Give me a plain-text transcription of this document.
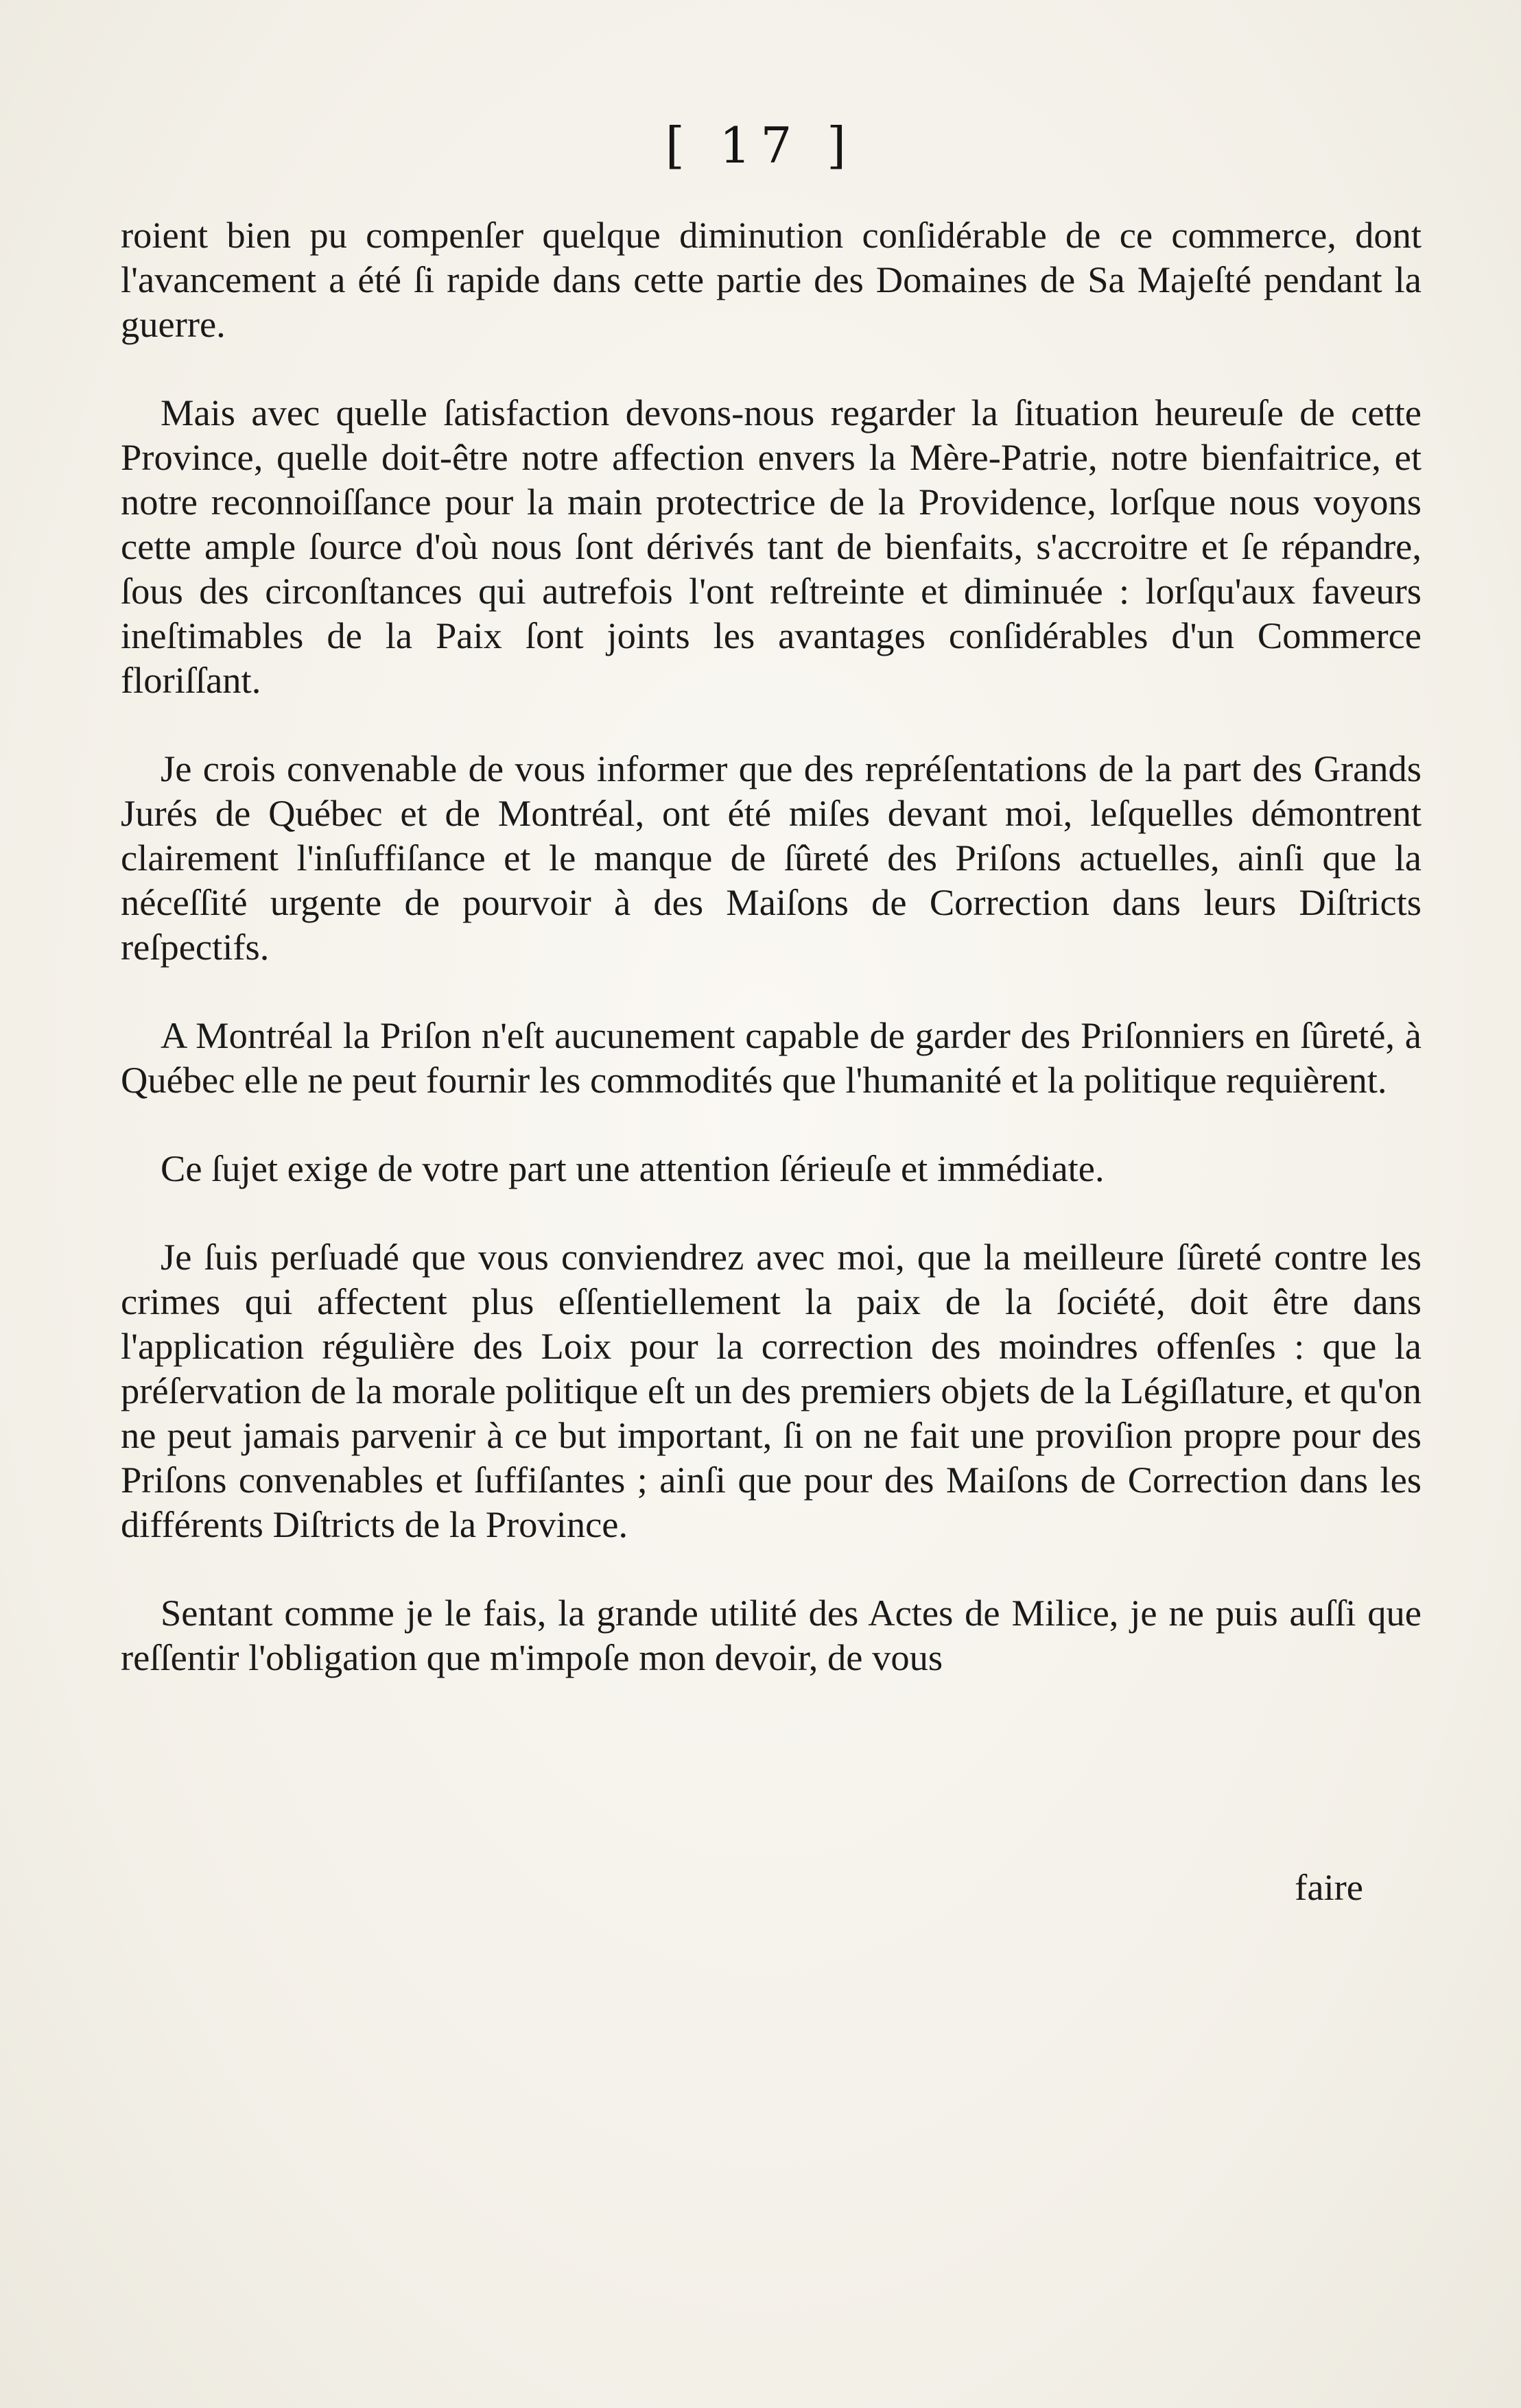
[ 17 ]

roient bien pu compenſer quelque diminution conſidérable de ce commerce, dont l'avancement a été ſi rapide dans cette partie des Domaines de Sa Majeſté pendant la guerre.

Mais avec quelle ſatisfaction devons-nous regarder la ſituation heureuſe de cette Province, quelle doit-être notre affection envers la Mère-Patrie, notre bienfaitrice, et notre reconnoiſſance pour la main protectrice de la Providence, lorſque nous voyons cette ample ſource d'où nous ſont dérivés tant de bienfaits, s'accroitre et ſe répandre, ſous des circonſtances qui autrefois l'ont reſtreinte et diminuée : lorſqu'aux faveurs ineſtimables de la Paix ſont joints les avantages conſidérables d'un Commerce floriſſant.

Je crois convenable de vous informer que des repréſentations de la part des Grands Jurés de Québec et de Montréal, ont été miſes devant moi, leſquelles démontrent clairement l'inſuffiſance et le manque de ſûreté des Priſons actuelles, ainſi que la néceſſité urgente de pourvoir à des Maiſons de Correction dans leurs Diſtricts reſpectifs.

A Montréal la Priſon n'eſt aucunement capable de garder des Priſonniers en ſûreté, à Québec elle ne peut fournir les commodités que l'humanité et la politique requièrent.

Ce ſujet exige de votre part une attention ſérieuſe et immédiate.

Je ſuis perſuadé que vous conviendrez avec moi, que la meilleure ſûreté contre les crimes qui affectent plus eſſentiellement la paix de la ſociété, doit être dans l'application régulière des Loix pour la correction des moindres offenſes : que la préſervation de la morale politique eſt un des premiers objets de la Légiſlature, et qu'on ne peut jamais parvenir à ce but important, ſi on ne fait une proviſion propre pour des Priſons convenables et ſuffiſantes ; ainſi que pour des Maiſons de Correction dans les différents Diſtricts de la Province.

Sentant comme je le fais, la grande utilité des Actes de Milice, je ne puis auſſi que reſſentir l'obligation que m'impoſe mon devoir, de vous

faire
